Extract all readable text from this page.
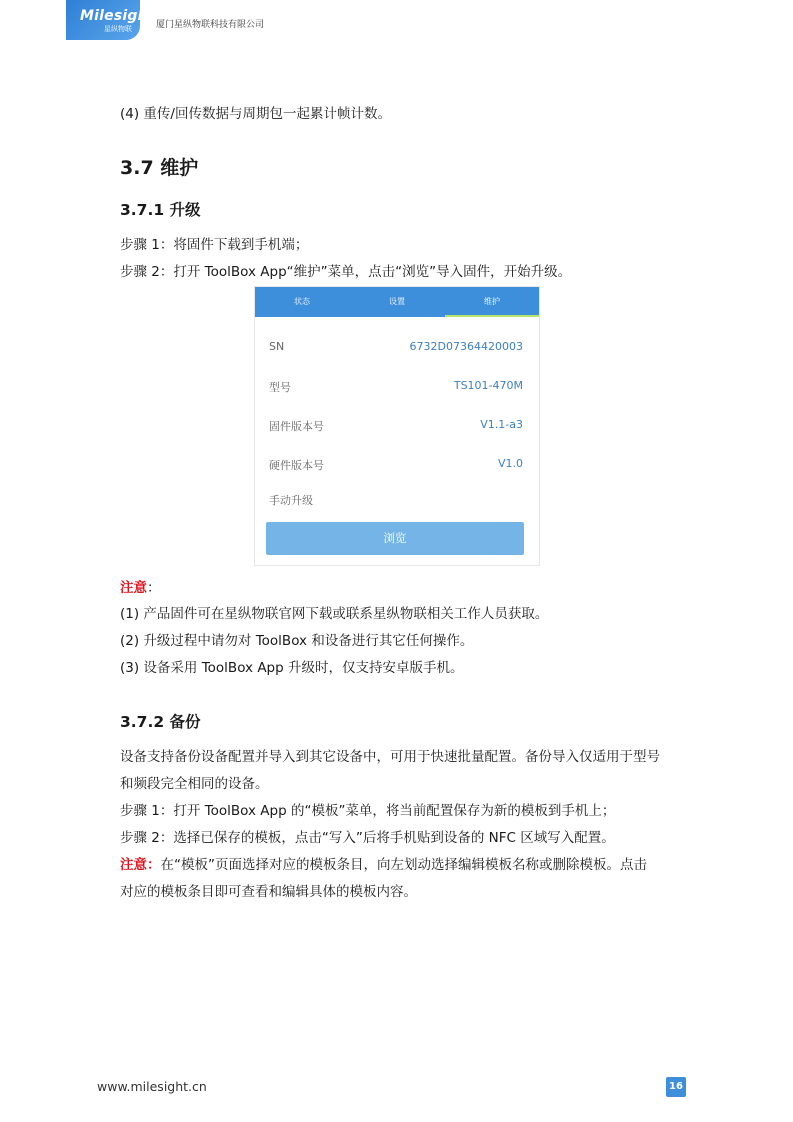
Milesight
星纵物联	厦门星纵物联科技有限公司
(4) 重传/回传数据与周期包一起累计帧计数。
3.7 维护
3.7.1 升级
步骤 1：将固件下载到手机端；
步骤 2：打开 ToolBox App“维护”菜单，点击“浏览”导入固件，开始升级。
状态	设置	维护
SN	6732D07364420003
型号	TS101-470M
固件版本号	V1.1-a3
硬件版本号	V1.0
手动升级
浏览
注意：
(1) 产品固件可在星纵物联官网下载或联系星纵物联相关工作人员获取。
(2) 升级过程中请勿对 ToolBox 和设备进行其它任何操作。
(3) 设备采用 ToolBox App 升级时，仅支持安卓版手机。
3.7.2 备份
设备支持备份设备配置并导入到其它设备中，可用于快速批量配置。备份导入仅适用于型号
和频段完全相同的设备。
步骤 1：打开 ToolBox App 的“模板”菜单，将当前配置保存为新的模板到手机上；
步骤 2：选择已保存的模板，点击“写入”后将手机贴到设备的 NFC 区域写入配置。
注意：在“模板”页面选择对应的模板条目，向左划动选择编辑模板名称或删除模板。点击
对应的模板条目即可查看和编辑具体的模板内容。
www.milesight.cn	16
